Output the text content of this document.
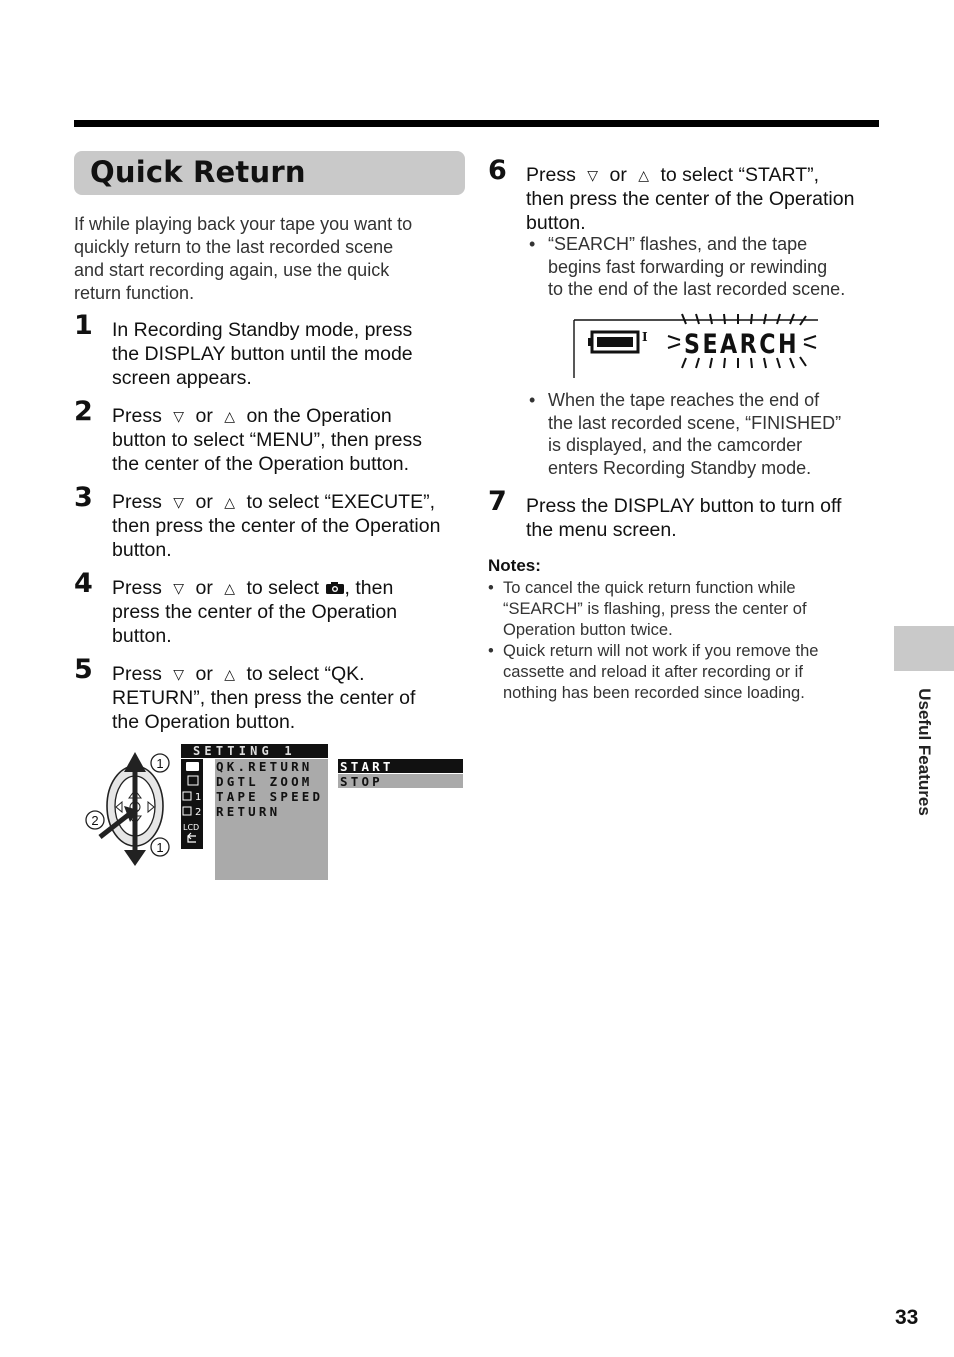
Quick Return
If while playing back your tape you want to
quickly return to the last recorded scene
and start recording again, use the quick
return function.
1 In Recording Standby mode, press
the DISPLAY button until the mode
screen appears.
2 Press ▽ or △ on the Operation
button to select “MENU”, then press
the center of the Operation button.
3 Press ▽ or △ to select “EXECUTE”,
then press the center of the Operation
button.
4 Press ▽ or △ to select , then
press the center of the Operation
button.
5 Press ▽ or △ to select “QK.
RETURN”, then press the center of
the Operation button.
1
2
1
1
2
LCD
SETTING 1
QK.RETURN
DGTL ZOOM
TAPE SPEED
RETURN
START
STOP
6 Press ▽ or △ to select “START”,
then press the center of the Operation
button.
• “SEARCH” flashes, and the tape
begins fast forwarding or rewinding
to the end of the last recorded scene.
I SEARCH
• When the tape reaches the end of
the last recorded scene, “FINISHED”
is displayed, and the camcorder
enters Recording Standby mode.
7 Press the DISPLAY button to turn off
the menu screen.
Notes:
• To cancel the quick return function while
“SEARCH” is flashing, press the center of
Operation button twice.
• Quick return will not work if you remove the
cassette and reload it after recording or if
nothing has been recorded since loading.	Useful Features
33
